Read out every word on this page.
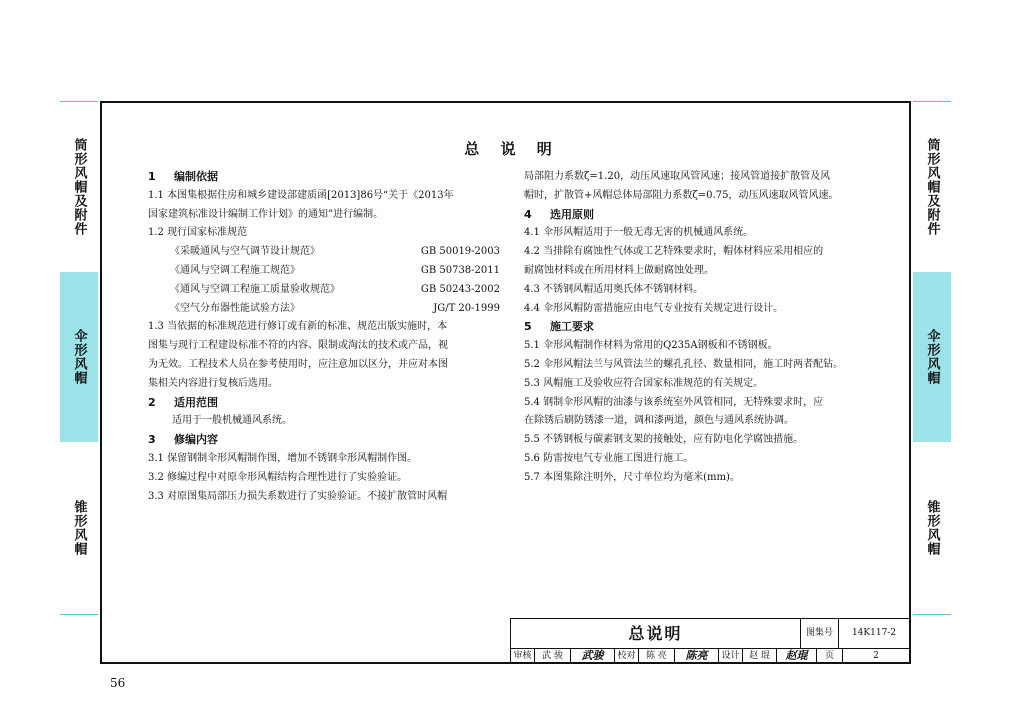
筒形风帽及附件
伞形风帽
锥形风帽
筒形风帽及附件
伞形风帽
锥形风帽
总 说 明
1 编制依据
1.1 本图集根据住房和城乡建设部建质函[2013]86号“关于《2013年
国家建筑标准设计编制工作计划》的通知”进行编制。
1.2 现行国家标准规范
《采暖通风与空气调节设计规范》	GB 50019-2003
《通风与空调工程施工规范》	GB 50738-2011
《通风与空调工程施工质量验收规范》	GB 50243-2002
《空气分布器性能试验方法》	JG/T 20-1999
1.3 当依据的标准规范进行修订或有新的标准、规范出版实施时，本
图集与现行工程建设标准不符的内容、限制或淘汰的技术或产品，视
为无效。工程技术人员在参考使用时，应注意加以区分，并应对本图
集相关内容进行复核后选用。
2 适用范围
适用于一般机械通风系统。
3 修编内容
3.1 保留钢制伞形风帽制作图，增加不锈钢伞形风帽制作图。
3.2 修编过程中对原伞形风帽结构合理性进行了实验验证。
3.3 对原图集局部压力损失系数进行了实验验证。不接扩散管时风帽
局部阻力系数ζ=1.20，动压风速取风管风速；接风管道接扩散管及风
帽时，扩散管+风帽总体局部阻力系数ζ=0.75，动压风速取风管风速。
4 选用原则
4.1 伞形风帽适用于一般无毒无害的机械通风系统。
4.2 当排除有腐蚀性气体或工艺特殊要求时，帽体材料应采用相应的
耐腐蚀材料或在所用材料上做耐腐蚀处理。
4.3 不锈钢风帽适用奥氏体不锈钢材料。
4.4 伞形风帽防雷措施应由电气专业按有关规定进行设计。
5 施工要求
5.1 伞形风帽制作材料为常用的Q235A钢板和不锈钢板。
5.2 伞形风帽法兰与风管法兰的螺孔孔径、数量相同，施工时两者配钻。
5.3 风帽施工及验收应符合国家标准规范的有关规定。
5.4 钢制伞形风帽的油漆与该系统室外风管相同，无特殊要求时，应
在除锈后刷防锈漆一道，调和漆两道，颜色与通风系统协调。
5.5 不锈钢板与碳素钢支架的接触处，应有防电化学腐蚀措施。
5.6 防雷按电气专业施工图进行施工。
5.7 本图集除注明外，尺寸单位均为毫米(mm)。
总说明	图集号	14K117-2
审核	武 骏	武骏	校对	陈 亮	陈亮	设计	赵 琨	赵琨	页	2
56
